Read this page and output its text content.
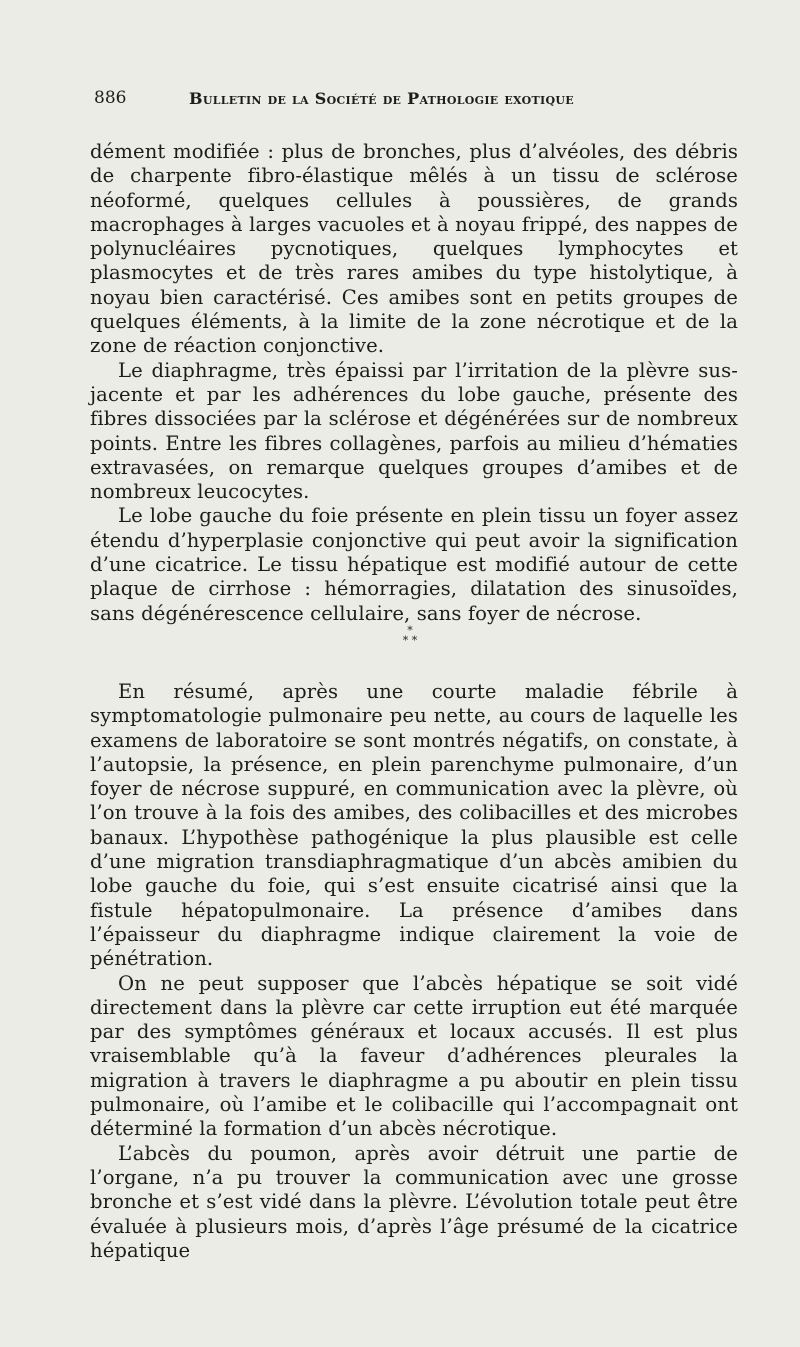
886	Bulletin de la Société de Pathologie exotique

dément modifiée : plus de bronches, plus d’alvéoles, des débris de charpente fibro-élastique mêlés à un tissu de sclérose néoformé, quelques cellules à poussières, de grands macrophages à larges vacuoles et à noyau frippé, des nappes de polynucléaires pycnotiques, quelques lymphocytes et plasmocytes et de très rares amibes du type histolytique, à noyau bien caractérisé. Ces amibes sont en petits groupes de quelques éléments, à la limite de la zone nécrotique et de la zone de réaction conjonctive.

Le diaphragme, très épaissi par l’irritation de la plèvre sus-jacente et par les adhérences du lobe gauche, présente des fibres dissociées par la sclérose et dégénérées sur de nombreux points. Entre les fibres collagènes, parfois au milieu d’hématies extravasées, on remarque quelques groupes d’amibes et de nombreux leucocytes.

Le lobe gauche du foie présente en plein tissu un foyer assez étendu d’hyperplasie conjonctive qui peut avoir la signification d’une cicatrice. Le tissu hépatique est modifié autour de cette plaque de cirrhose : hémorragies, dilatation des sinusoïdes, sans dégénérescence cellulaire, sans foyer de nécrose.

*
* *

En résumé, après une courte maladie fébrile à symptomatologie pulmonaire peu nette, au cours de laquelle les examens de laboratoire se sont montrés négatifs, on constate, à l’autopsie, la présence, en plein parenchyme pulmonaire, d’un foyer de nécrose suppuré, en communication avec la plèvre, où l’on trouve à la fois des amibes, des colibacilles et des microbes banaux. L’hypothèse pathogénique la plus plausible est celle d’une migration transdiaphragmatique d’un abcès amibien du lobe gauche du foie, qui s’est ensuite cicatrisé ainsi que la fistule hépatopulmonaire. La présence d’amibes dans l’épaisseur du diaphragme indique clairement la voie de pénétration.

On ne peut supposer que l’abcès hépatique se soit vidé directement dans la plèvre car cette irruption eut été marquée par des symptômes généraux et locaux accusés. Il est plus vraisemblable qu’à la faveur d’adhérences pleurales la migration à travers le diaphragme a pu aboutir en plein tissu pulmonaire, où l’amibe et le colibacille qui l’accompagnait ont déterminé la formation d’un abcès nécrotique.

L’abcès du poumon, après avoir détruit une partie de l’organe, n’a pu trouver la communication avec une grosse bronche et s’est vidé dans la plèvre. L’évolution totale peut être évaluée à plusieurs mois, d’après l’âge présumé de la cicatrice hépatique
